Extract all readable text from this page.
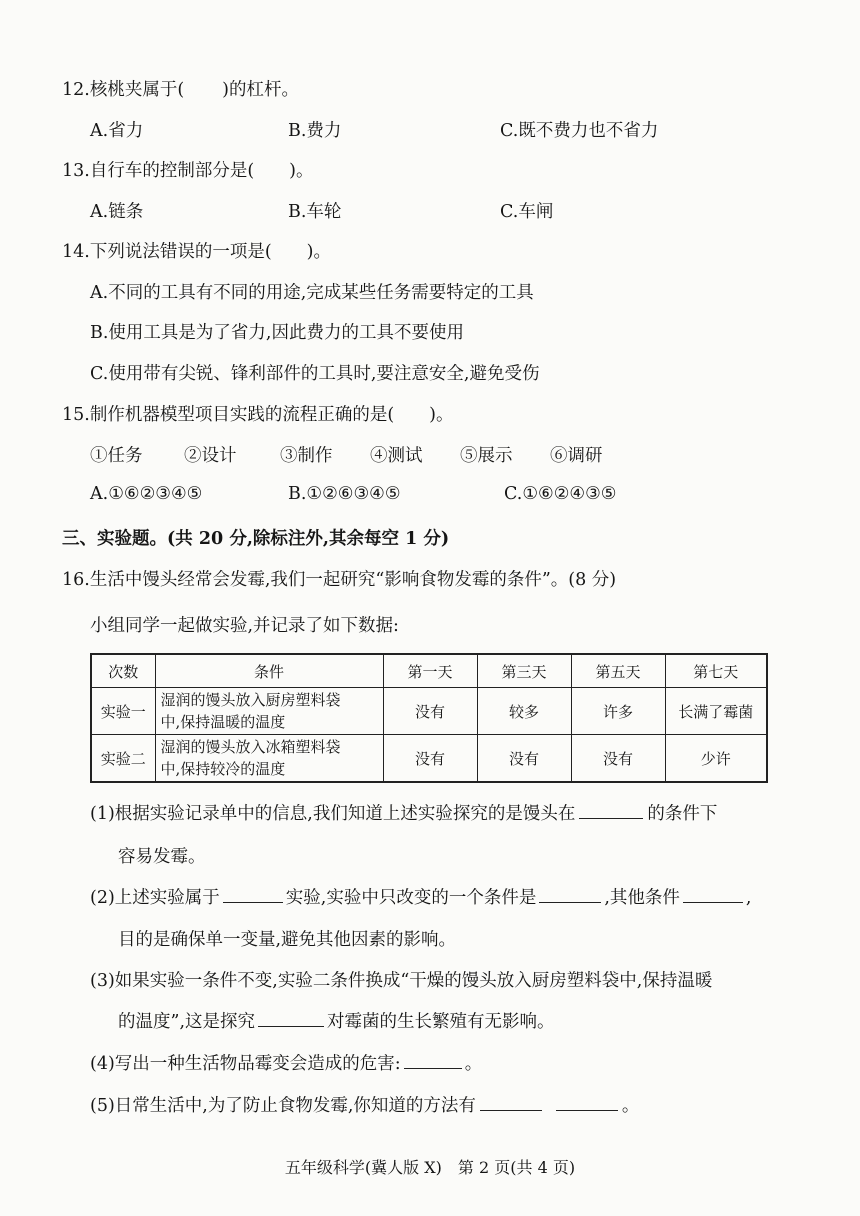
12.核桃夹属于( )的杠杆。
A.省力	B.费力	C.既不费力也不省力
13.自行车的控制部分是(　　)。
A.链条	B.车轮	C.车闸
14.下列说法错误的一项是(　　)。
A.不同的工具有不同的用途,完成某些任务需要特定的工具
B.使用工具是为了省力,因此费力的工具不要使用
C.使用带有尖锐、锋利部件的工具时,要注意安全,避免受伤
15.制作机器模型项目实践的流程正确的是(　　)。
①任务 ②设计 ③制作 ④测试 ⑤展示 ⑥调研
A.①⑥②③④⑤	B.①②⑥③④⑤	C.①⑥②④③⑤
三、实验题。(共 20 分,除标注外,其余每空 1 分)
16.生活中馒头经常会发霉,我们一起研究“影响食物发霉的条件”。(8 分)
小组同学一起做实验,并记录了如下数据:
次数	条件	第一天	第三天	第五天	第七天
实验一	湿润的馒头放入厨房塑料袋
中,保持温暖的温度	没有	较多	许多	长满了霉菌
实验二	湿润的馒头放入冰箱塑料袋
中,保持较冷的温度	没有	没有	没有	少许
(1)根据实验记录单中的信息,我们知道上述实验探究的是馒头在	的条件下
容易发霉。
(2)上述实验属于	实验,实验中只改变的一个条件是	,其他条件	,
目的是确保单一变量,避免其他因素的影响。
(3)如果实验一条件不变,实验二条件换成“干燥的馒头放入厨房塑料袋中,保持温暖
的温度”,这是探究	对霉菌的生长繁殖有无影响。
(4)写出一种生活物品霉变会造成的危害:	。
(5)日常生活中,为了防止食物发霉,你知道的方法有	。
五年级科学(冀人版 X)　第 2 页(共 4 页)
